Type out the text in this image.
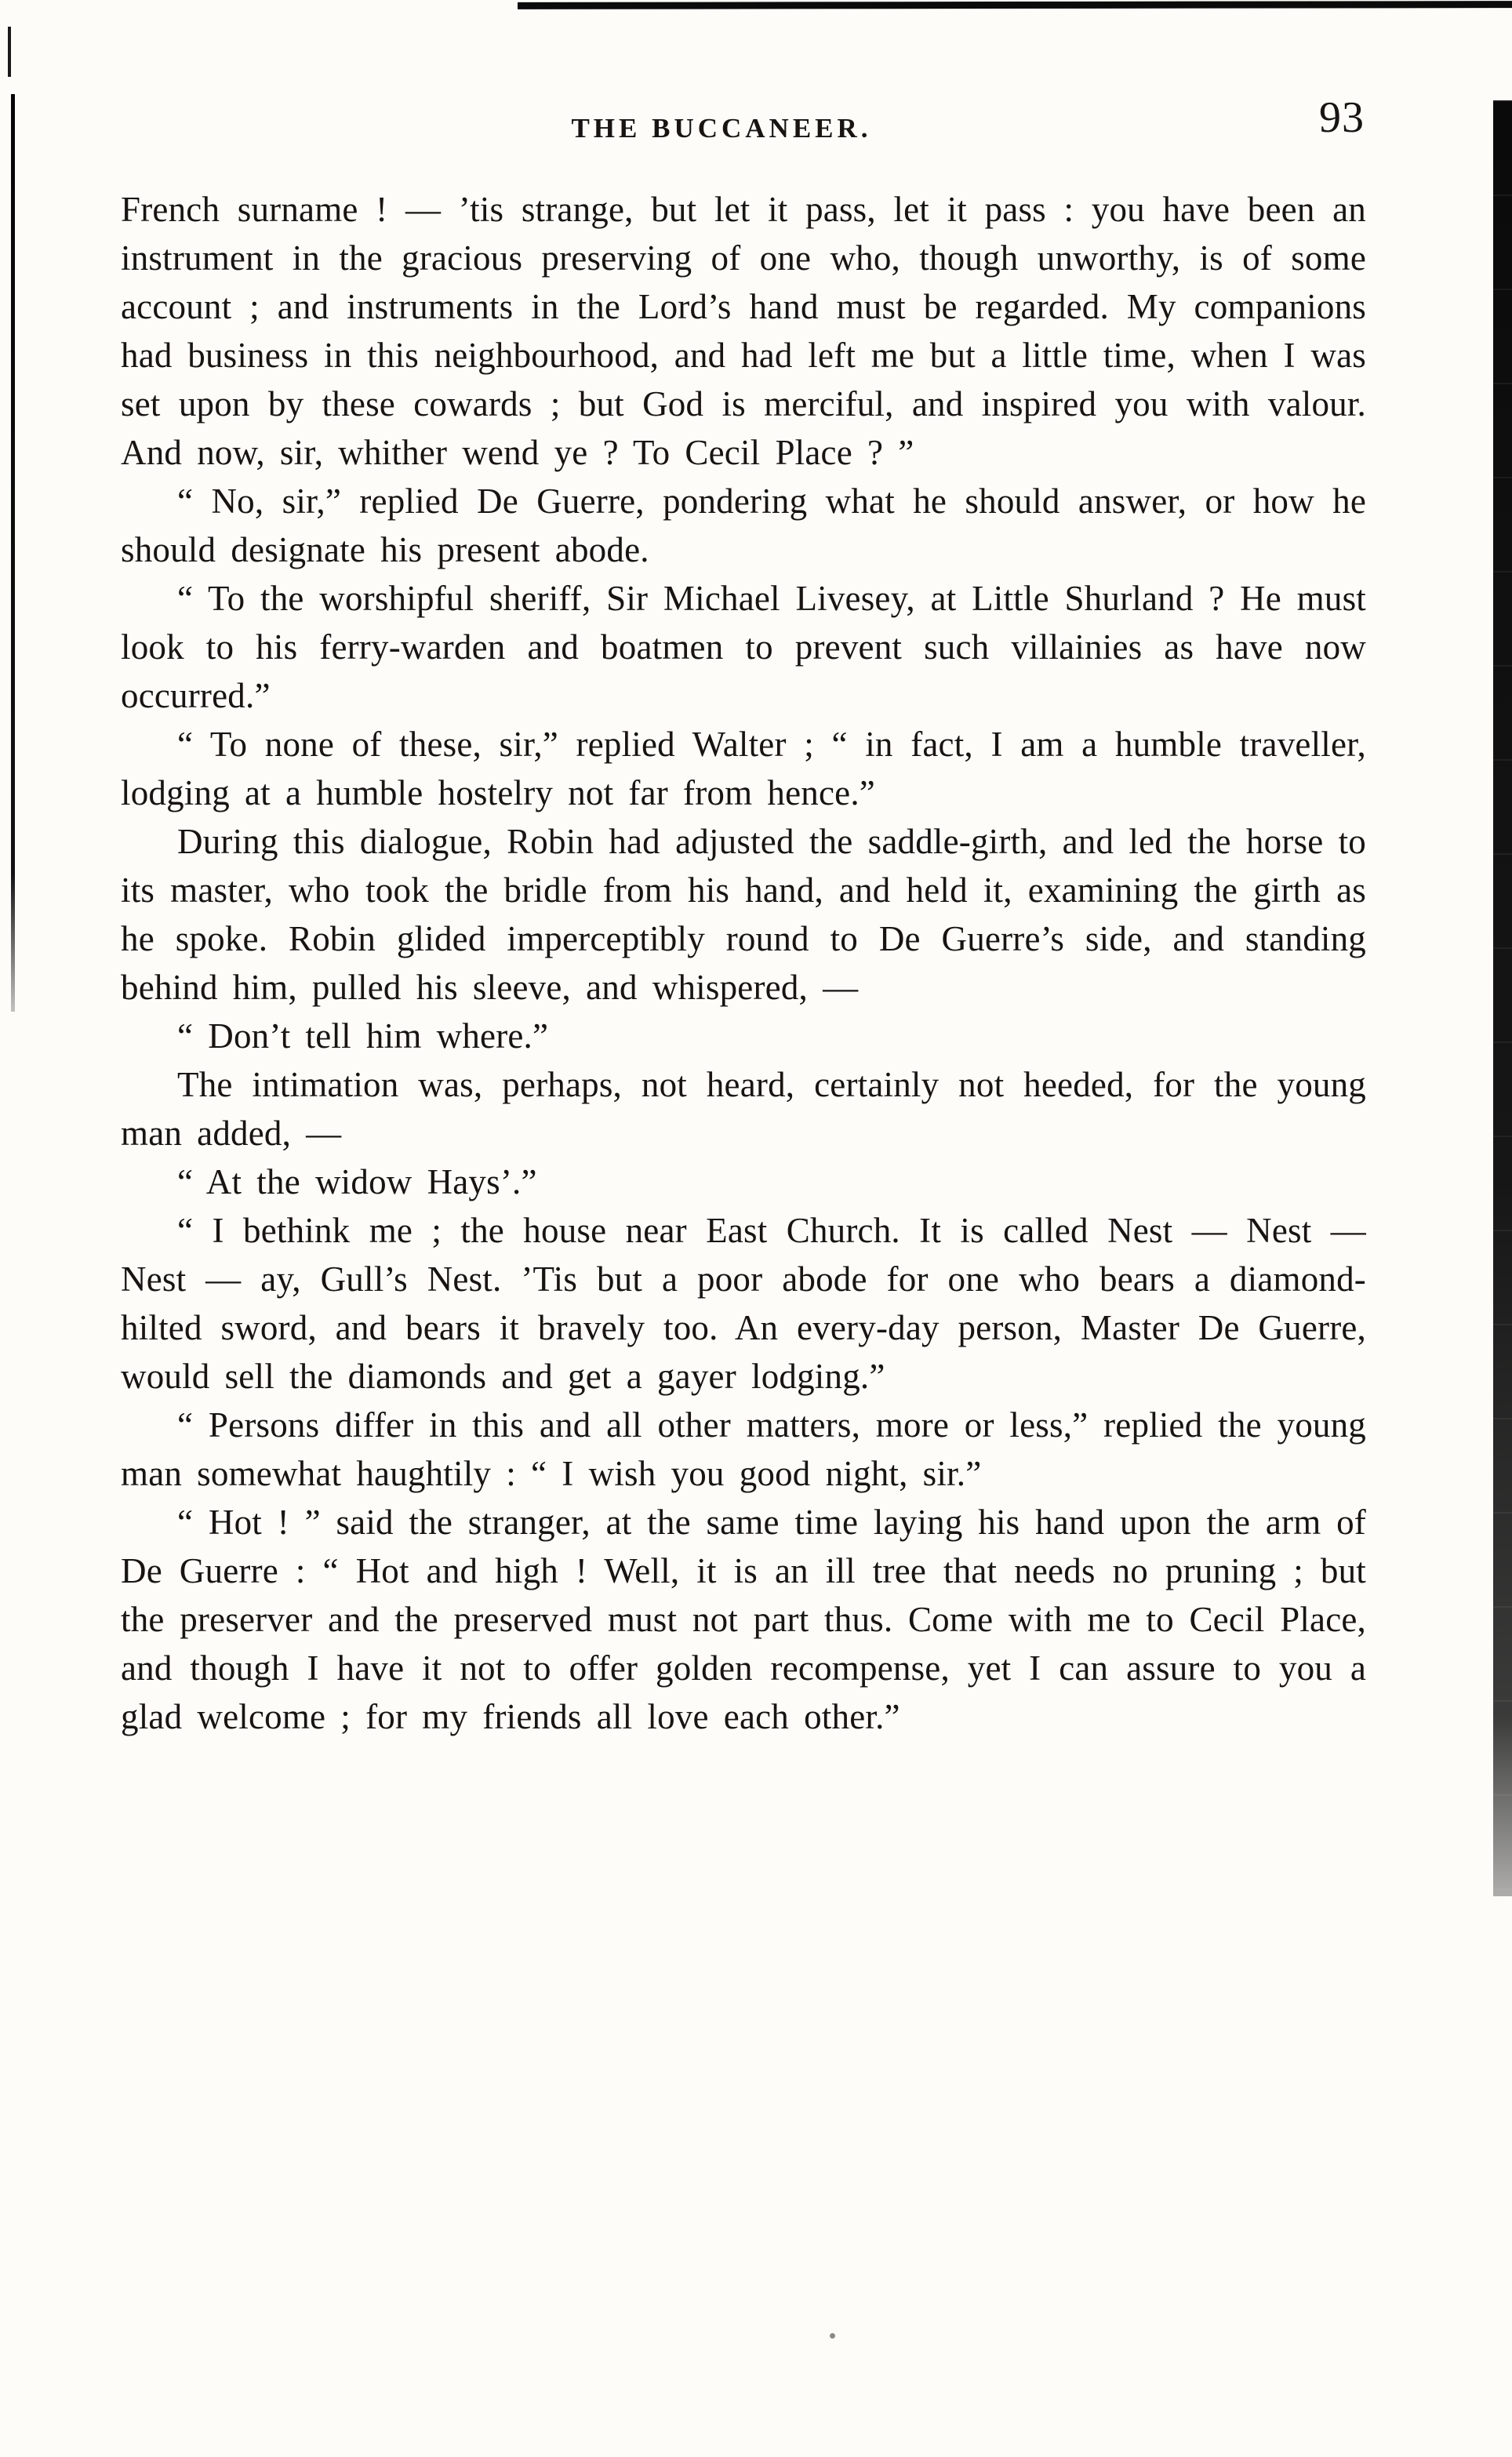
THE BUCCANEER.	93

French surname ! — ’tis strange, but let it pass, let it pass : you have been an instrument in the gracious preserving of one who, though unworthy, is of some account ; and instruments in the Lord’s hand must be regarded. My companions had business in this neighbourhood, and had left me but a little time, when I was set upon by these cowards ; but God is merciful, and inspired you with valour. And now, sir, whither wend ye ? To Cecil Place ? ”

“ No, sir,” replied De Guerre, pondering what he should answer, or how he should designate his present abode.

“ To the worshipful sheriff, Sir Michael Livesey, at Little Shurland ? He must look to his ferry-warden and boatmen to prevent such villainies as have now occurred.”

“ To none of these, sir,” replied Walter ; “ in fact, I am a humble traveller, lodging at a humble hostelry not far from hence.”

During this dialogue, Robin had adjusted the saddle-girth, and led the horse to its master, who took the bridle from his hand, and held it, examining the girth as he spoke. Robin glided imperceptibly round to De Guerre’s side, and standing behind him, pulled his sleeve, and whispered, —

“ Don’t tell him where.”

The intimation was, perhaps, not heard, certainly not heeded, for the young man added, —

“ At the widow Hays’.”

“ I bethink me ; the house near East Church. It is called Nest — Nest — Nest — ay, Gull’s Nest. ’Tis but a poor abode for one who bears a diamond-hilted sword, and bears it bravely too. An every-day person, Master De Guerre, would sell the diamonds and get a gayer lodging.”

“ Persons differ in this and all other matters, more or less,” replied the young man somewhat haughtily : “ I wish you good night, sir.”

“ Hot ! ” said the stranger, at the same time laying his hand upon the arm of De Guerre : “ Hot and high ! Well, it is an ill tree that needs no pruning ; but the preserver and the preserved must not part thus. Come with me to Cecil Place, and though I have it not to offer golden recompense, yet I can assure to you a glad welcome ; for my friends all love each other.”
